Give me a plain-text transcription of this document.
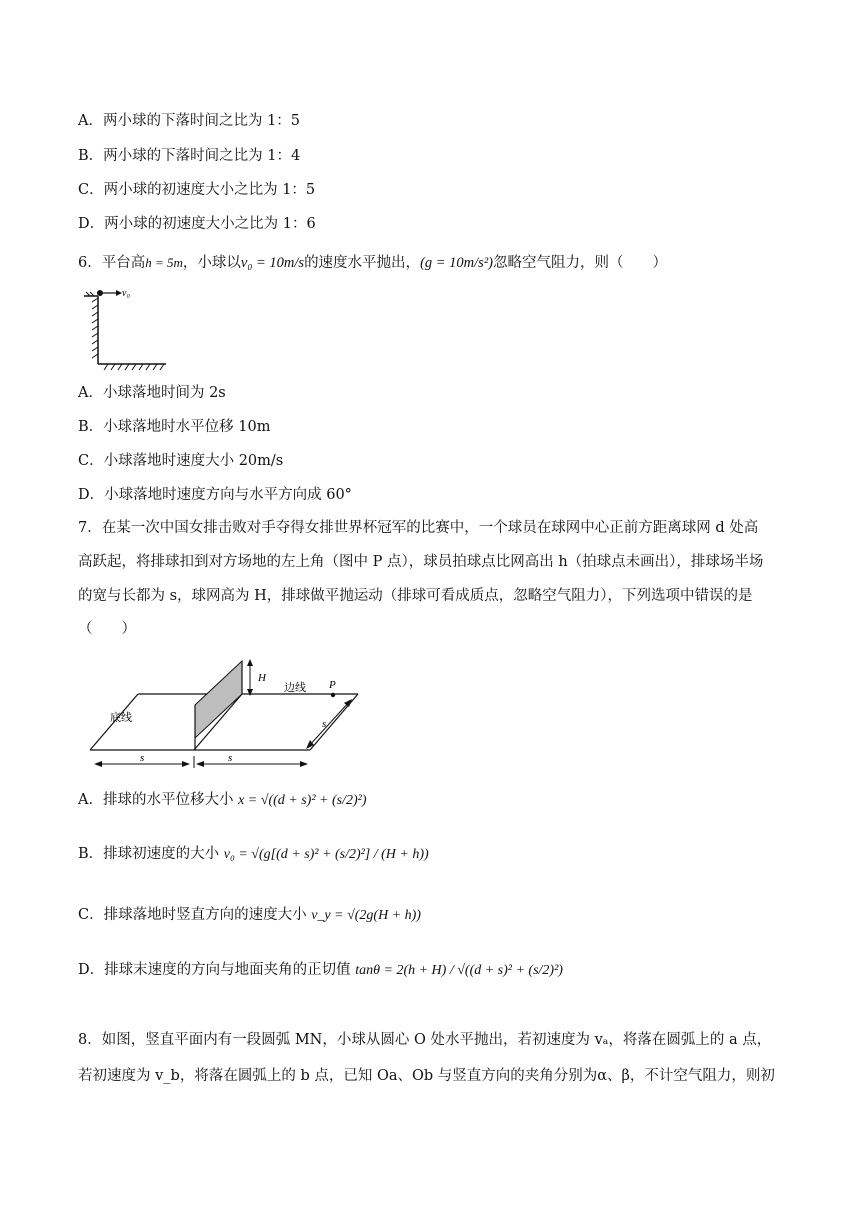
A．两小球的下落时间之比为 1：5
B．两小球的下落时间之比为 1：4
C．两小球的初速度大小之比为 1：5
D．两小球的初速度大小之比为 1：6
6．平台高h = 5m，小球以v₀ = 10m/s的速度水平抛出，(g = 10m/s²)忽略空气阻力，则（　　）
v₀
A．小球落地时间为 2s
B．小球落地时水平位移 10m
C．小球落地时速度大小 20m/s
D．小球落地时速度方向与水平方向成 60°
7．在某一次中国女排击败对手夺得女排世界杯冠军的比赛中，一个球员在球网中心正前方距离球网 d 处高
高跃起，将排球扣到对方场地的左上角（图中 P 点），球员拍球点比网高出 h（拍球点未画出），排球场半场
的宽与长都为 s，球网高为 H，排球做平抛运动（排球可看成质点，忽略空气阻力），下列选项中错误的是
（　　）
H
边线 P
底线	s
s	s
A．排球的水平位移大小 x = √((d + s)² + (s/2)²)
B．排球初速度的大小 v₀ = √(g[(d + s)² + (s/2)²] / (H + h))
C．排球落地时竖直方向的速度大小 v_y = √(2g(H + h))
D．排球末速度的方向与地面夹角的正切值 tanθ = 2(h + H) / √((d + s)² + (s/2)²)
8．如图，竖直平面内有一段圆弧 MN，小球从圆心 O 处水平抛出，若初速度为 vₐ，将落在圆弧上的 a 点，
若初速度为 v_b，将落在圆弧上的 b 点，已知 Oa、Ob 与竖直方向的夹角分别为α、β，不计空气阻力，则初
